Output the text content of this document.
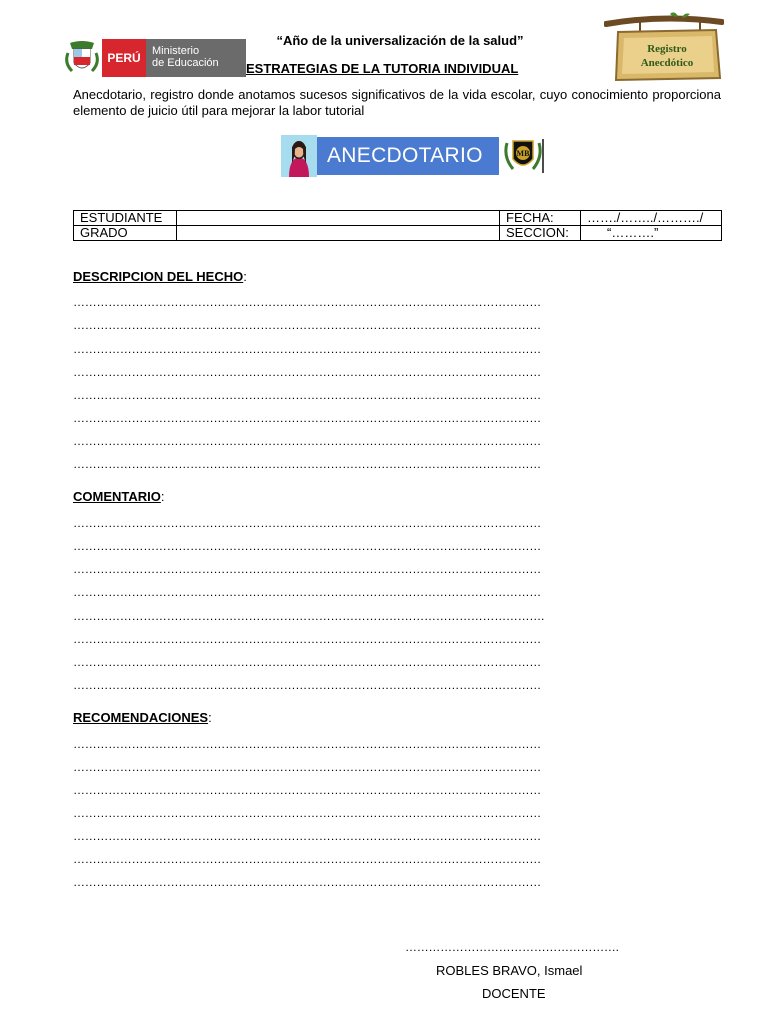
PERÚ	Ministerio
de Educación
“Año de la universalización de la salud”
ESTRATEGIAS DE LA TUTORIA INDIVIDUAL
Registro
Anecdótico
Anecdotario, registro donde anotamos sucesos significativos de la vida escolar, cuyo conocimiento proporciona elemento de juicio útil para mejorar la labor tutorial
ANECDOTARIO	MB
ESTUDIANTE		FECHA:	……./……../………./
GRADO		SECCION:	“……….”
DESCRIPCION DEL HECHO:
…………………………………………………………………………………………………………
…………………………………………………………………………………………………………
…………………………………………………………………………………………………………
…………………………………………………………………………………………………………
…………………………………………………………………………………………………………
…………………………………………………………………………………………………………
…………………………………………………………………………………………………………
…………………………………………………………………………………………………………
COMENTARIO:
…………………………………………………………………………………………………………
…………………………………………………………………………………………………………
…………………………………………………………………………………………………………
…………………………………………………………………………………………………………
………………………………………………………………………………………………………….
…………………………………………………………………………………………………………
…………………………………………………………………………………………………………
…………………………………………………………………………………………………………
RECOMENDACIONES:
…………………………………………………………………………………………………………
…………………………………………………………………………………………………………
…………………………………………………………………………………………………………
…………………………………………………………………………………………………………
…………………………………………………………………………………………………………
…………………………………………………………………………………………………………
…………………………………………………………………………………………………………
……………………………………………….
ROBLES BRAVO, Ismael
DOCENTE
